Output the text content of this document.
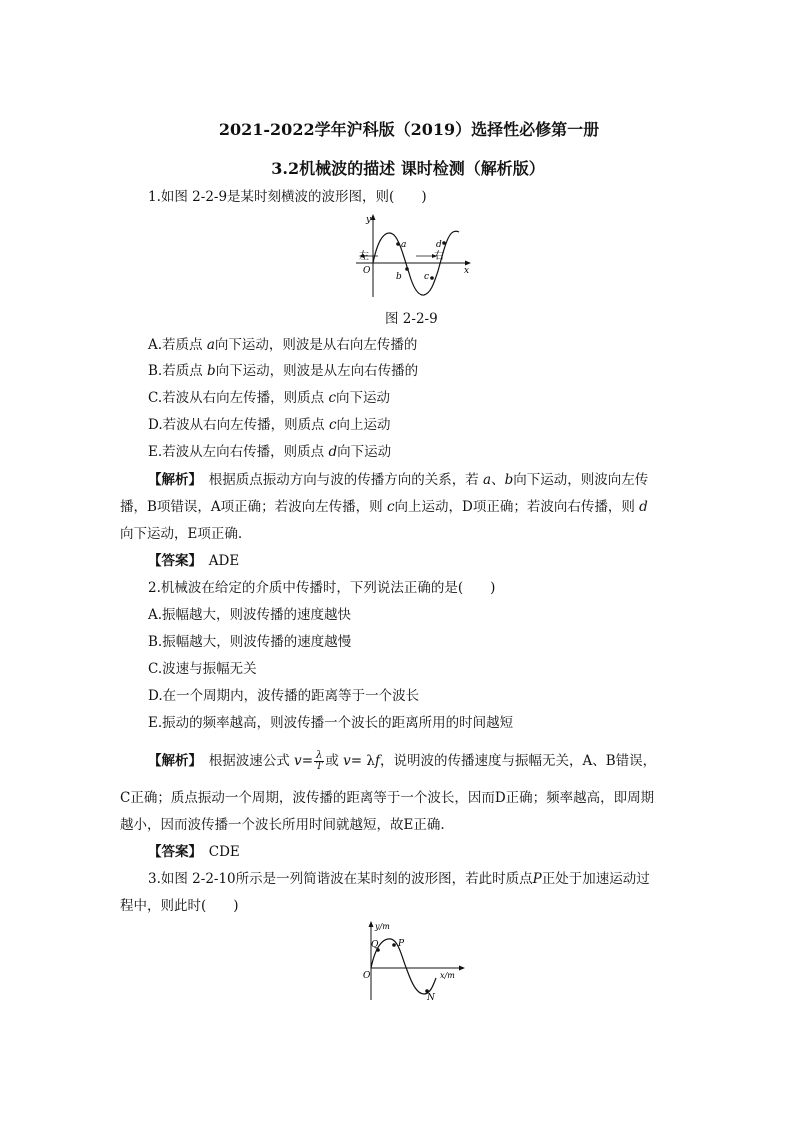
2021-2022学年沪科版（2019）选择性必修第一册
3.2机械波的描述 课时检测（解析版）
1.如图 2-2-9是某时刻横波的波形图，则(　　)
y
x
O
左	右
a
b c
d
图 2-2-9
A.若质点 a向下运动，则波是从右向左传播的
B.若质点 b向下运动，则波是从左向右传播的
C.若波从右向左传播，则质点 c向下运动
D.若波从右向左传播，则质点 c向上运动
E.若波从左向右传播，则质点 d向下运动
【解析】　根据质点振动方向与波的传播方向的关系，若 a、b向下运动，则波向左传
播，B项错误，A项正确；若波向左传播，则 c向上运动，D项正确；若波向右传播，则 d
向下运动，E项正确.
【答案】　 ADE
2.机械波在给定的介质中传播时，下列说法正确的是(　　)
A.振幅越大，则波传播的速度越快
B.振幅越大，则波传播的速度越慢
C.波速与振幅无关
D.在一个周期内，波传播的距离等于一个波长
E.振动的频率越高，则波传播一个波长的距离所用的时间越短
【解析】　根据波速公式 $v= \frac{\lambda}{T}$ 或 v= λf，说明波的传播速度与振幅无关，A、B错误，
C正确；质点振动一个周期，波传播的距离等于一个波长，因而D正确；频率越高，即周期
越小，因而波传播一个波长所用时间就越短，故E正确.
【答案】　 CDE
3.如图 2-2-10所示是一列简谐波在某时刻的波形图，若此时质点P正处于加速运动过
程中，则此时(　　)
y/m
x/m
O
Q P
N
